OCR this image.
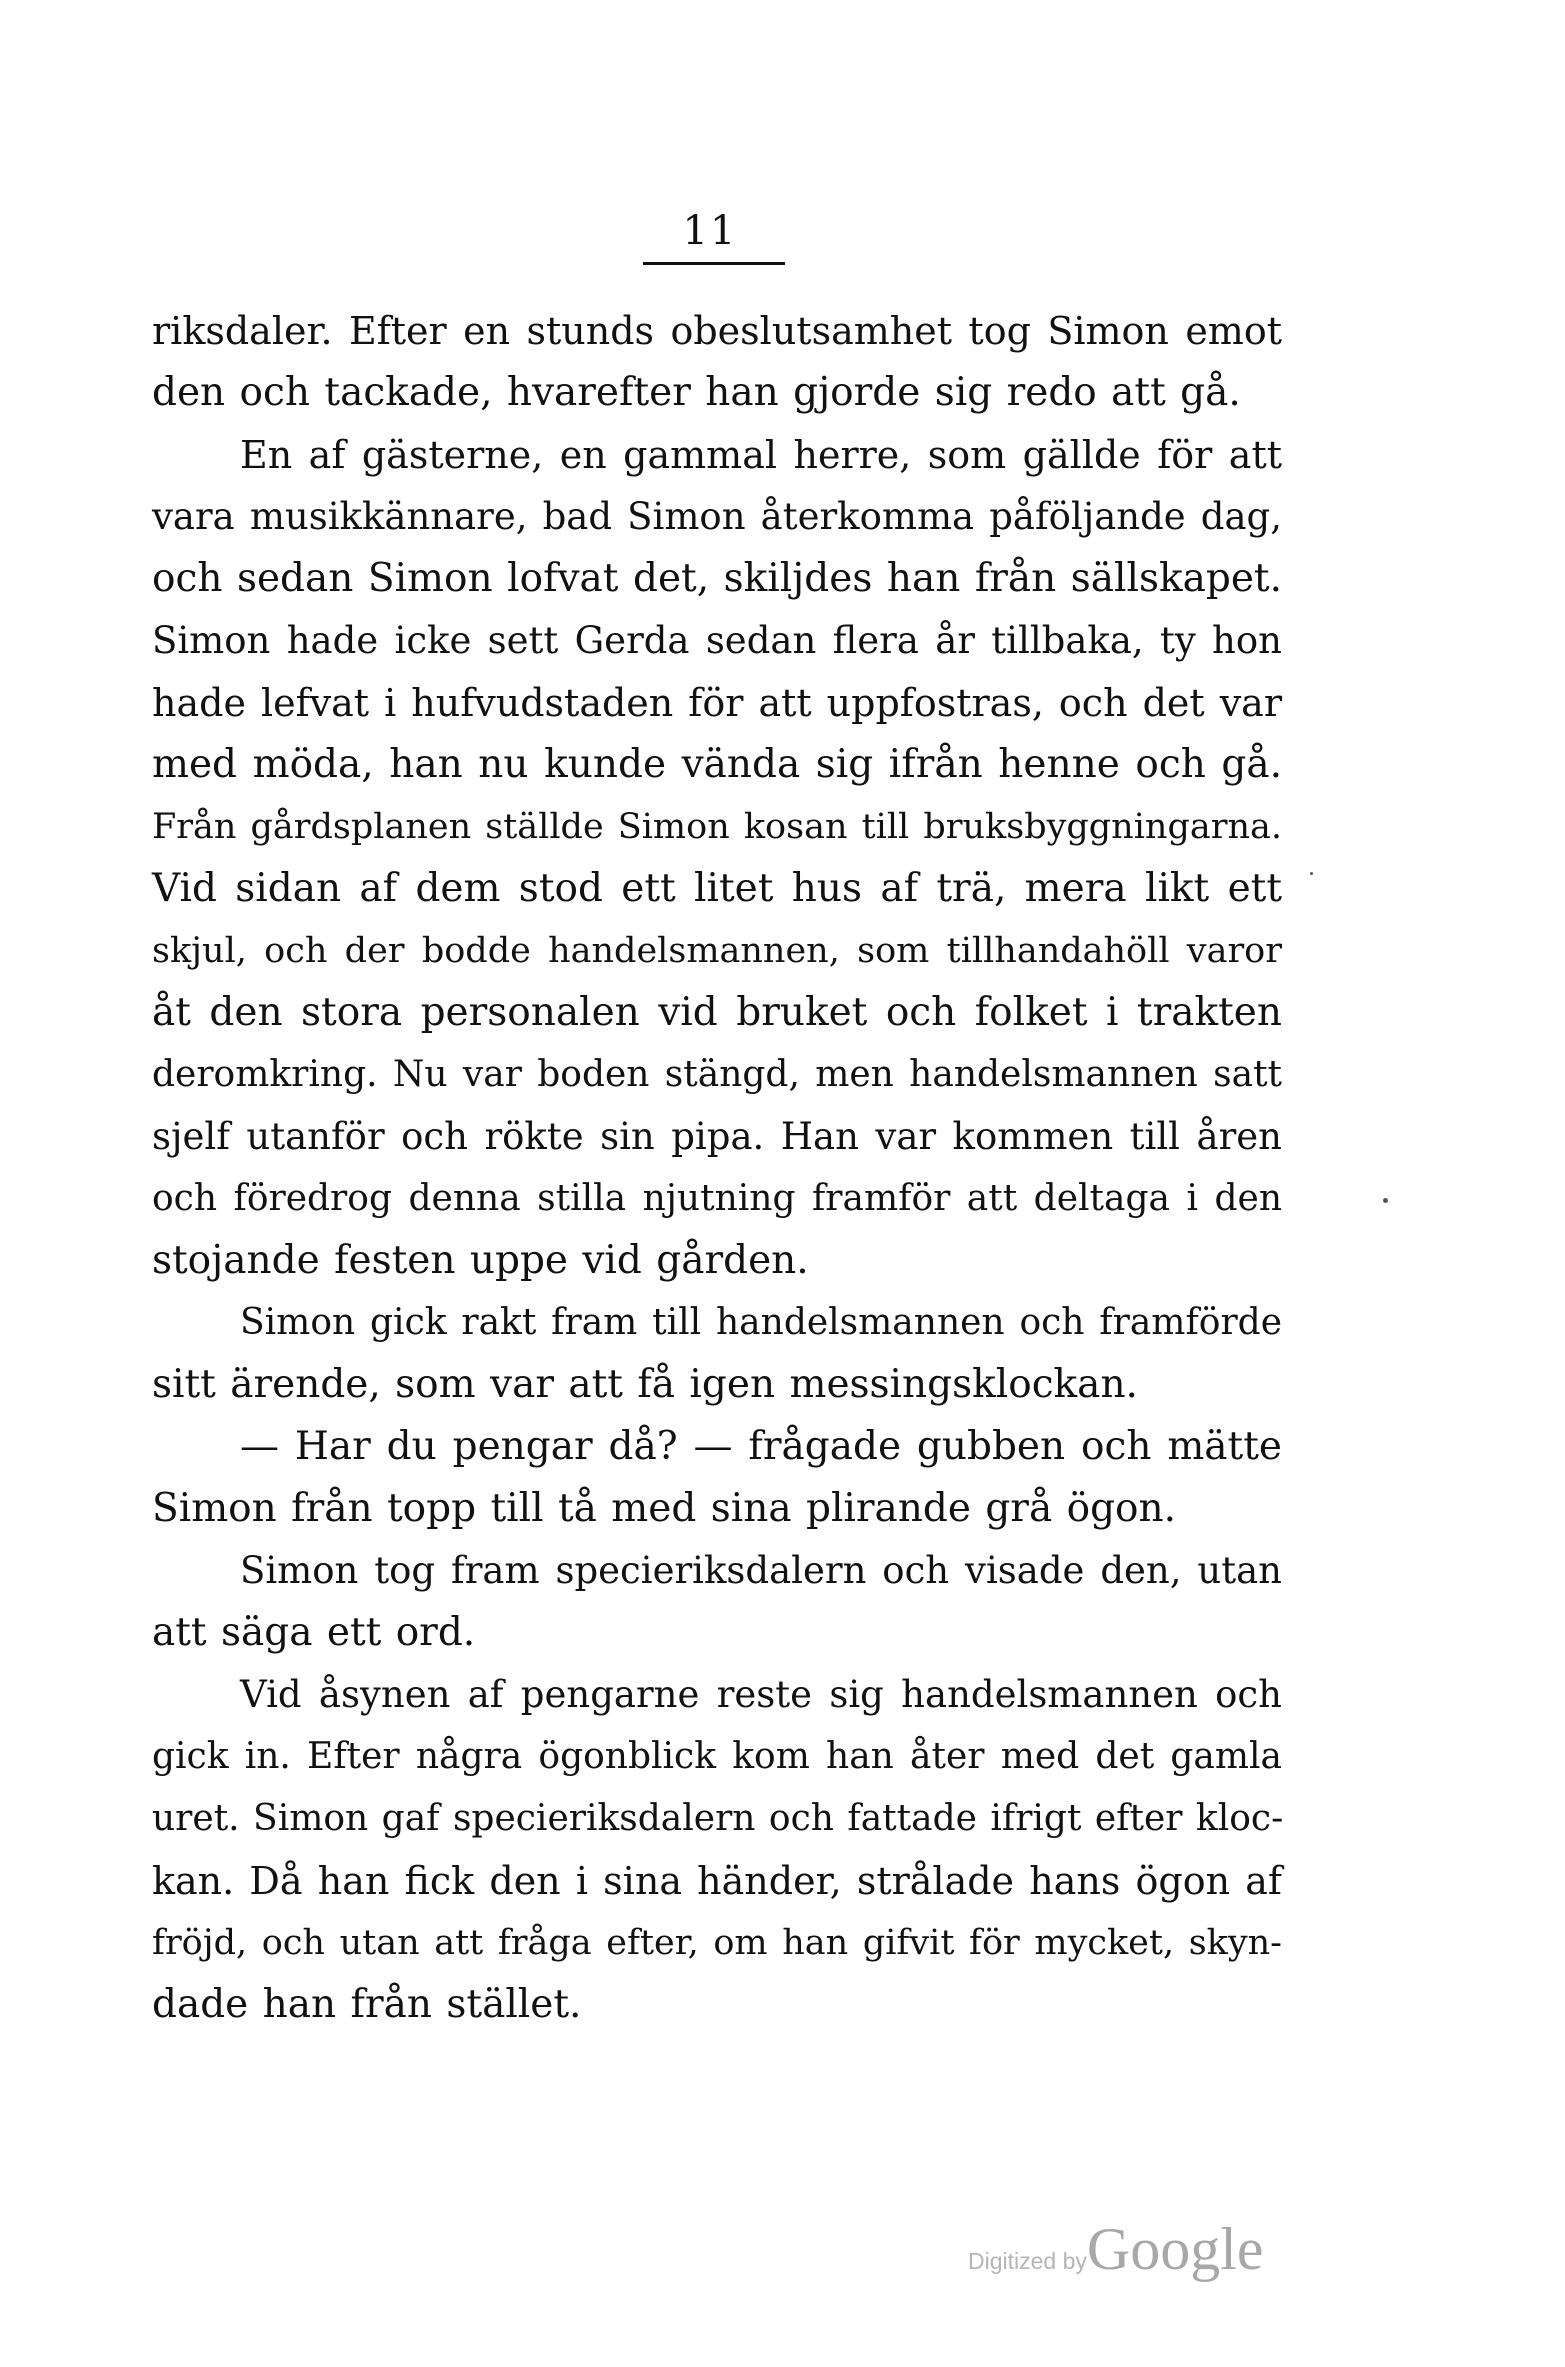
11
riksdaler. Efter en stunds obeslutsamhet tog Simon emot
den och tackade, hvarefter han gjorde sig redo att gå.
En af gästerne, en gammal herre, som gällde för att
vara musikkännare, bad Simon återkomma påföljande dag,
och sedan Simon lofvat det, skiljdes han från sällskapet.
Simon hade icke sett Gerda sedan flera år tillbaka, ty hon
hade lefvat i hufvudstaden för att uppfostras, och det var
med möda, han nu kunde vända sig ifrån henne och gå.
Från gårdsplanen ställde Simon kosan till bruksbyggningarna.
Vid sidan af dem stod ett litet hus af trä, mera likt ett
skjul, och der bodde handelsmannen, som tillhandahöll varor
åt den stora personalen vid bruket och folket i trakten
deromkring. Nu var boden stängd, men handelsmannen satt
sjelf utanför och rökte sin pipa. Han var kommen till åren
och föredrog denna stilla njutning framför att deltaga i den
stojande festen uppe vid gården.
Simon gick rakt fram till handelsmannen och framförde
sitt ärende, som var att få igen messingsklockan.
— Har du pengar då? — frågade gubben och mätte
Simon från topp till tå med sina plirande grå ögon.
Simon tog fram specieriksdalern och visade den, utan
att säga ett ord.
Vid åsynen af pengarne reste sig handelsmannen och
gick in. Efter några ögonblick kom han åter med det gamla
uret. Simon gaf specieriksdalern och fattade ifrigt efter kloc-
kan. Då han fick den i sina händer, strålade hans ögon af
fröjd, och utan att fråga efter, om han gifvit för mycket, skyn-
dade han från stället.
Digitized byGoogle
